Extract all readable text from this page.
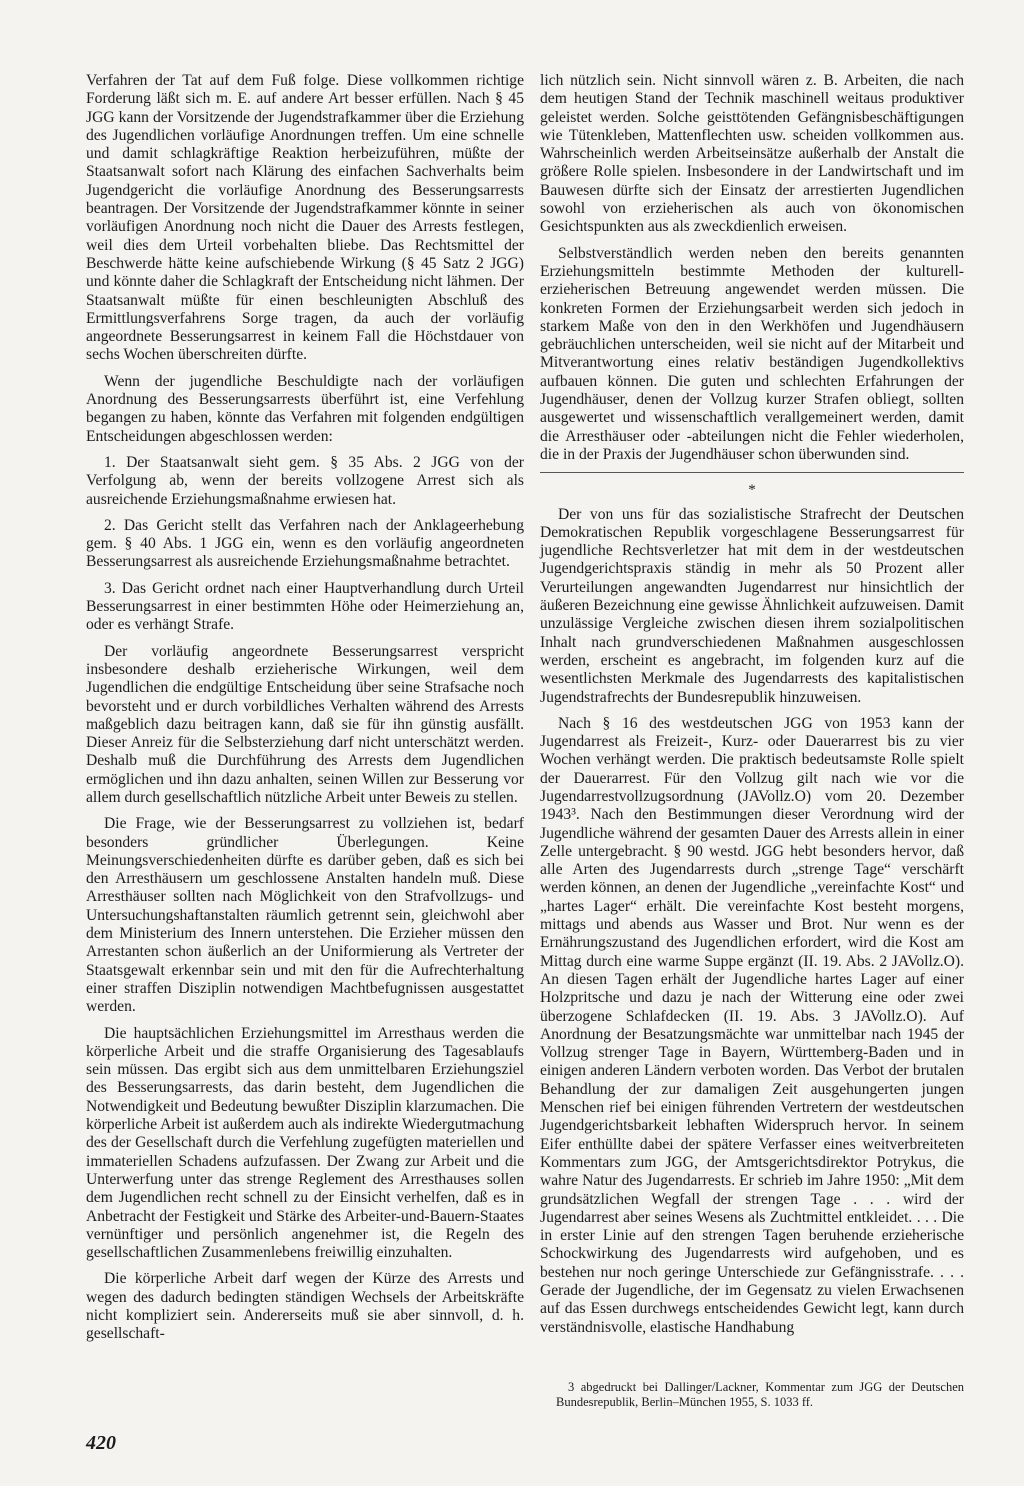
Verfahren der Tat auf dem Fuß folge. Diese vollkommen richtige Forderung läßt sich m. E. auf andere Art besser erfüllen. Nach § 45 JGG kann der Vorsitzende der Jugendstrafkammer über die Erziehung des Jugendlichen vorläufige Anordnungen treffen. Um eine schnelle und damit schlagkräftige Reaktion herbeizuführen, müßte der Staatsanwalt sofort nach Klärung des einfachen Sachverhalts beim Jugendgericht die vorläufige Anordnung des Besserungsarrests beantragen. Der Vorsitzende der Jugendstrafkammer könnte in seiner vorläufigen Anordnung noch nicht die Dauer des Arrests festlegen, weil dies dem Urteil vorbehalten bliebe. Das Rechtsmittel der Beschwerde hätte keine aufschiebende Wirkung (§ 45 Satz 2 JGG) und könnte daher die Schlagkraft der Entscheidung nicht lähmen. Der Staatsanwalt müßte für einen beschleunigten Abschluß des Ermittlungsverfahrens Sorge tragen, da auch der vorläufig angeordnete Besserungsarrest in keinem Fall die Höchstdauer von sechs Wochen überschreiten dürfte.

Wenn der jugendliche Beschuldigte nach der vorläufigen Anordnung des Besserungsarrests überführt ist, eine Verfehlung begangen zu haben, könnte das Verfahren mit folgenden endgültigen Entscheidungen abgeschlossen werden:

1. Der Staatsanwalt sieht gem. § 35 Abs. 2 JGG von der Verfolgung ab, wenn der bereits vollzogene Arrest sich als ausreichende Erziehungsmaßnahme erwiesen hat.

2. Das Gericht stellt das Verfahren nach der Anklageerhebung gem. § 40 Abs. 1 JGG ein, wenn es den vorläufig angeordneten Besserungsarrest als ausreichende Erziehungsmaßnahme betrachtet.

3. Das Gericht ordnet nach einer Hauptverhandlung durch Urteil Besserungsarrest in einer bestimmten Höhe oder Heimerziehung an, oder es verhängt Strafe.

Der vorläufig angeordnete Besserungsarrest verspricht insbesondere deshalb erzieherische Wirkungen, weil dem Jugendlichen die endgültige Entscheidung über seine Strafsache noch bevorsteht und er durch vorbildliches Verhalten während des Arrests maßgeblich dazu beitragen kann, daß sie für ihn günstig ausfällt. Dieser Anreiz für die Selbsterziehung darf nicht unterschätzt werden. Deshalb muß die Durchführung des Arrests dem Jugendlichen ermöglichen und ihn dazu anhalten, seinen Willen zur Besserung vor allem durch gesellschaftlich nützliche Arbeit unter Beweis zu stellen.

Die Frage, wie der Besserungsarrest zu vollziehen ist, bedarf besonders gründlicher Überlegungen. Keine Meinungsverschiedenheiten dürfte es darüber geben, daß es sich bei den Arresthäusern um geschlossene Anstalten handeln muß. Diese Arresthäuser sollten nach Möglichkeit von den Strafvollzugs- und Untersuchungshaftanstalten räumlich getrennt sein, gleichwohl aber dem Ministerium des Innern unterstehen. Die Erzieher müssen den Arrestanten schon äußerlich an der Uniformierung als Vertreter der Staatsgewalt erkennbar sein und mit den für die Aufrechterhaltung einer straffen Disziplin notwendigen Machtbefugnissen ausgestattet werden.

Die hauptsächlichen Erziehungsmittel im Arresthaus werden die körperliche Arbeit und die straffe Organisierung des Tagesablaufs sein müssen. Das ergibt sich aus dem unmittelbaren Erziehungsziel des Besserungsarrests, das darin besteht, dem Jugendlichen die Notwendigkeit und Bedeutung bewußter Disziplin klarzumachen. Die körperliche Arbeit ist außerdem auch als indirekte Wiedergutmachung des der Gesellschaft durch die Verfehlung zugefügten materiellen und immateriellen Schadens aufzufassen. Der Zwang zur Arbeit und die Unterwerfung unter das strenge Reglement des Arresthauses sollen dem Jugendlichen recht schnell zu der Einsicht verhelfen, daß es in Anbetracht der Festigkeit und Stärke des Arbeiter-und-Bauern-Staates vernünftiger und persönlich angenehmer ist, die Regeln des gesellschaftlichen Zusammenlebens freiwillig einzuhalten.

Die körperliche Arbeit darf wegen der Kürze des Arrests und wegen des dadurch bedingten ständigen Wechsels der Arbeitskräfte nicht kompliziert sein. Andererseits muß sie aber sinnvoll, d. h. gesellschaft-

lich nützlich sein. Nicht sinnvoll wären z. B. Arbeiten, die nach dem heutigen Stand der Technik maschinell weitaus produktiver geleistet werden. Solche geisttötenden Gefängnisbeschäftigungen wie Tütenkleben, Mattenflechten usw. scheiden vollkommen aus. Wahrscheinlich werden Arbeitseinsätze außerhalb der Anstalt die größere Rolle spielen. Insbesondere in der Landwirtschaft und im Bauwesen dürfte sich der Einsatz der arrestierten Jugendlichen sowohl von erzieherischen als auch von ökonomischen Gesichtspunkten aus als zweckdienlich erweisen.

Selbstverständlich werden neben den bereits genannten Erziehungsmitteln bestimmte Methoden der kulturell-erzieherischen Betreuung angewendet werden müssen. Die konkreten Formen der Erziehungsarbeit werden sich jedoch in starkem Maße von den in den Werkhöfen und Jugendhäusern gebräuchlichen unterscheiden, weil sie nicht auf der Mitarbeit und Mitverantwortung eines relativ beständigen Jugendkollektivs aufbauen können. Die guten und schlechten Erfahrungen der Jugendhäuser, denen der Vollzug kurzer Strafen obliegt, sollten ausgewertet und wissenschaftlich verallgemeinert werden, damit die Arresthäuser oder -abteilungen nicht die Fehler wiederholen, die in der Praxis der Jugendhäuser schon überwunden sind.

*

Der von uns für das sozialistische Strafrecht der Deutschen Demokratischen Republik vorgeschlagene Besserungsarrest für jugendliche Rechtsverletzer hat mit dem in der westdeutschen Jugendgerichtspraxis ständig in mehr als 50 Prozent aller Verurteilungen angewandten Jugendarrest nur hinsichtlich der äußeren Bezeichnung eine gewisse Ähnlichkeit aufzuweisen. Damit unzulässige Vergleiche zwischen diesen ihrem sozialpolitischen Inhalt nach grundverschiedenen Maßnahmen ausgeschlossen werden, erscheint es angebracht, im folgenden kurz auf die wesentlichsten Merkmale des Jugendarrests des kapitalistischen Jugendstrafrechts der Bundesrepublik hinzuweisen.

Nach § 16 des westdeutschen JGG von 1953 kann der Jugendarrest als Freizeit-, Kurz- oder Dauerarrest bis zu vier Wochen verhängt werden. Die praktisch bedeutsamste Rolle spielt der Dauerarrest. Für den Vollzug gilt nach wie vor die Jugendarrestvollzugsordnung (JAVollz.O) vom 20. Dezember 1943³. Nach den Bestimmungen dieser Verordnung wird der Jugendliche während der gesamten Dauer des Arrests allein in einer Zelle untergebracht. § 90 westd. JGG hebt besonders hervor, daß alle Arten des Jugendarrests durch „strenge Tage“ verschärft werden können, an denen der Jugendliche „vereinfachte Kost“ und „hartes Lager“ erhält. Die vereinfachte Kost besteht morgens, mittags und abends aus Wasser und Brot. Nur wenn es der Ernährungszustand des Jugendlichen erfordert, wird die Kost am Mittag durch eine warme Suppe ergänzt (II. 19. Abs. 2 JAVollz.O). An diesen Tagen erhält der Jugendliche hartes Lager auf einer Holzpritsche und dazu je nach der Witterung eine oder zwei überzogene Schlafdecken (II. 19. Abs. 3 JAVollz.O). Auf Anordnung der Besatzungsmächte war unmittelbar nach 1945 der Vollzug strenger Tage in Bayern, Württemberg-Baden und in einigen anderen Ländern verboten worden. Das Verbot der brutalen Behandlung der zur damaligen Zeit ausgehungerten jungen Menschen rief bei einigen führenden Vertretern der westdeutschen Jugendgerichtsbarkeit lebhaften Widerspruch hervor. In seinem Eifer enthüllte dabei der spätere Verfasser eines weitverbreiteten Kommentars zum JGG, der Amtsgerichtsdirektor Potrykus, die wahre Natur des Jugendarrests. Er schrieb im Jahre 1950: „Mit dem grundsätzlichen Wegfall der strengen Tage . . . wird der Jugendarrest aber seines Wesens als Zuchtmittel entkleidet. . . . Die in erster Linie auf den strengen Tagen beruhende erzieherische Schockwirkung des Jugendarrests wird aufgehoben, und es bestehen nur noch geringe Unterschiede zur Gefängnisstrafe. . . . Gerade der Jugendliche, der im Gegensatz zu vielen Erwachsenen auf das Essen durchwegs entscheidendes Gewicht legt, kann durch verständnisvolle, elastische Handhabung

3 abgedruckt bei Dallinger/Lackner, Kommentar zum JGG der Deutschen Bundesrepublik, Berlin–München 1955, S. 1033 ff.

420
